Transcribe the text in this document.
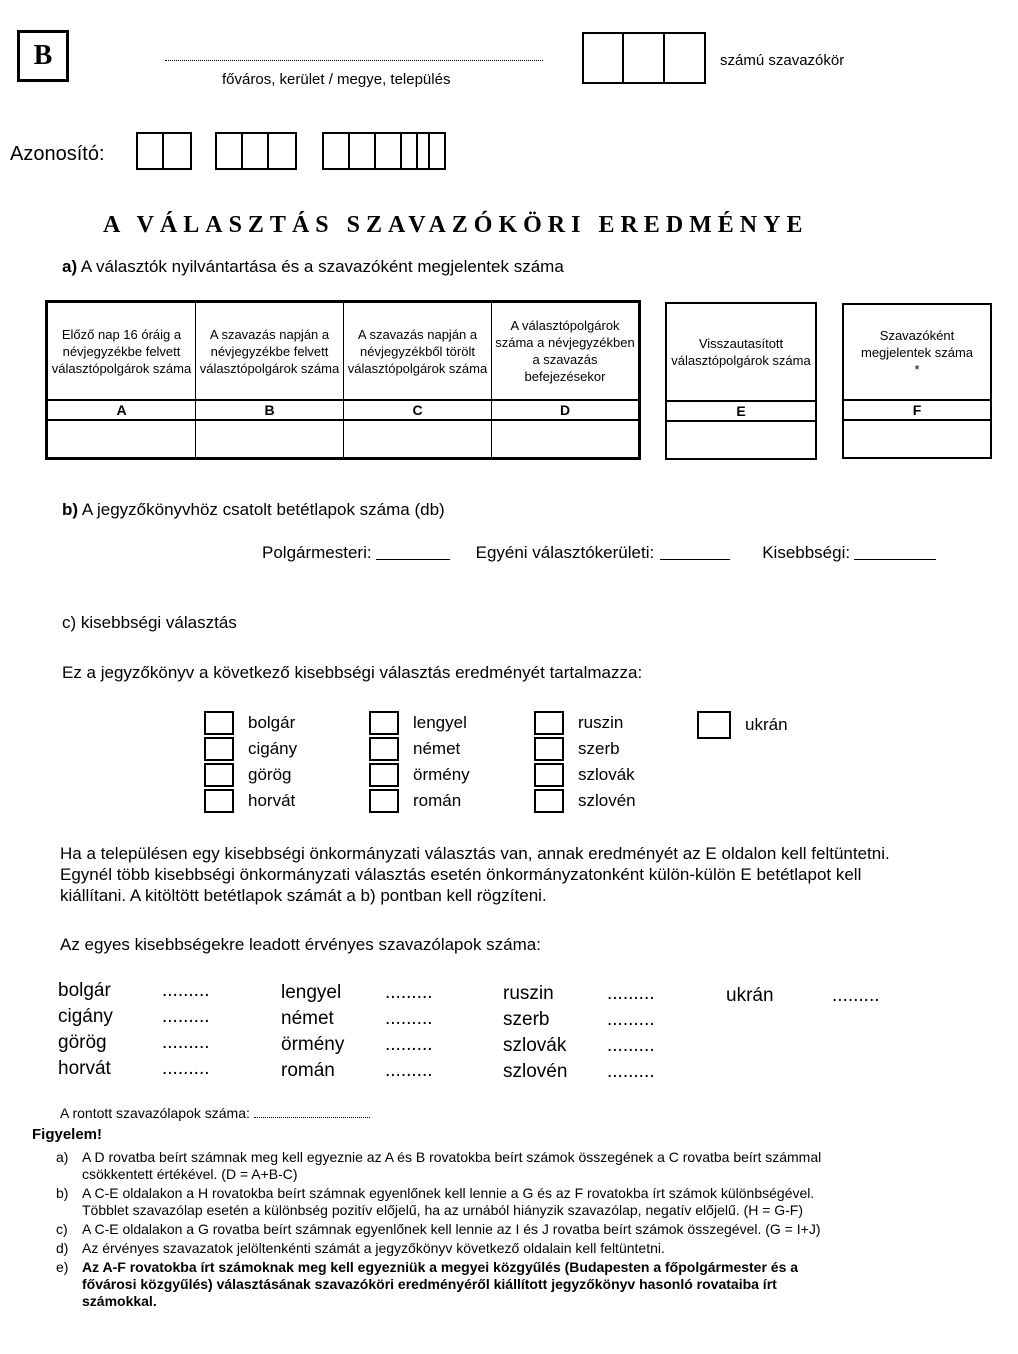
B
főváros, kerület / megye, település
számú szavazókör
Azonosító:
A VÁLASZTÁS SZAVAZÓKÖRI EREDMÉNYE
a) A választók nyilvántartása és a szavazóként megjelentek száma
Előző nap 16 óráig a névjegyzékbe felvett választópolgárok száma	A szavazás napján a névjegyzékbe felvett választópolgárok száma	A szavazás napján a névjegyzékből törölt választópolgárok száma	A választópolgárok száma a névjegyzékben a szavazás befejezésekor
A	B	C	D

Visszautasított választópolgárok száma
E

Szavazóként megjelentek száma
*
F

b) A jegyzőkönyvhöz csatolt betétlapok száma (db)
Polgármesteri:	Egyéni választókerületi:	Kisebbségi:
c) kisebbségi választás
Ez a jegyzőkönyv a következő kisebbségi választás eredményét tartalmazza:
bolgár
cigány
görög
horvát
lengyel
német
örmény
román
ruszin
szerb
szlovák
szlovén
ukrán
Ha a településen egy kisebbségi önkormányzati választás van, annak eredményét az E oldalon kell feltüntetni.
Egynél több kisebbségi önkormányzati választás esetén önkormányzatonként külön-külön E betétlapot kell
kiállítani. A kitöltött betétlapok számát a b) pontban kell rögzíteni.
Az egyes kisebbségekre leadott érvényes szavazólapok száma:
bolgár	.........
cigány	.........
görög	.........
horvát	.........
lengyel	.........
német	.........
örmény	.........
román	.........
ruszin	.........
szerb	.........
szlovák	.........
szlovén	.........
ukrán	.........
A rontott szavazólapok száma:
Figyelem!
a) A D rovatba beírt számnak meg kell egyeznie az A és B rovatokba beírt számok összegének a C rovatba beírt számmal
csökkentett értékével. (D = A+B-C)
b) A C-E oldalakon a H rovatokba beírt számnak egyenlőnek kell lennie a G és az F rovatokba írt számok különbségével.
Többlet szavazólap esetén a különbség pozitív előjelű, ha az urnából hiányzik szavazólap, negatív előjelű. (H = G-F)
c)	A C-E oldalakon a G rovatba beírt számnak egyenlőnek kell lennie az I és J rovatba beírt számok összegével. (G = I+J)
d) Az érvényes szavazatok jelöltenkénti számát a jegyzőkönyv következő oldalain kell feltüntetni.
e) Az A-F rovatokba írt számoknak meg kell egyezniük a megyei közgyűlés (Budapesten a főpolgármester és a
fővárosi közgyűlés) választásának szavazóköri eredményéről kiállított jegyzőkönyv hasonló rovataiba írt
számokkal.
